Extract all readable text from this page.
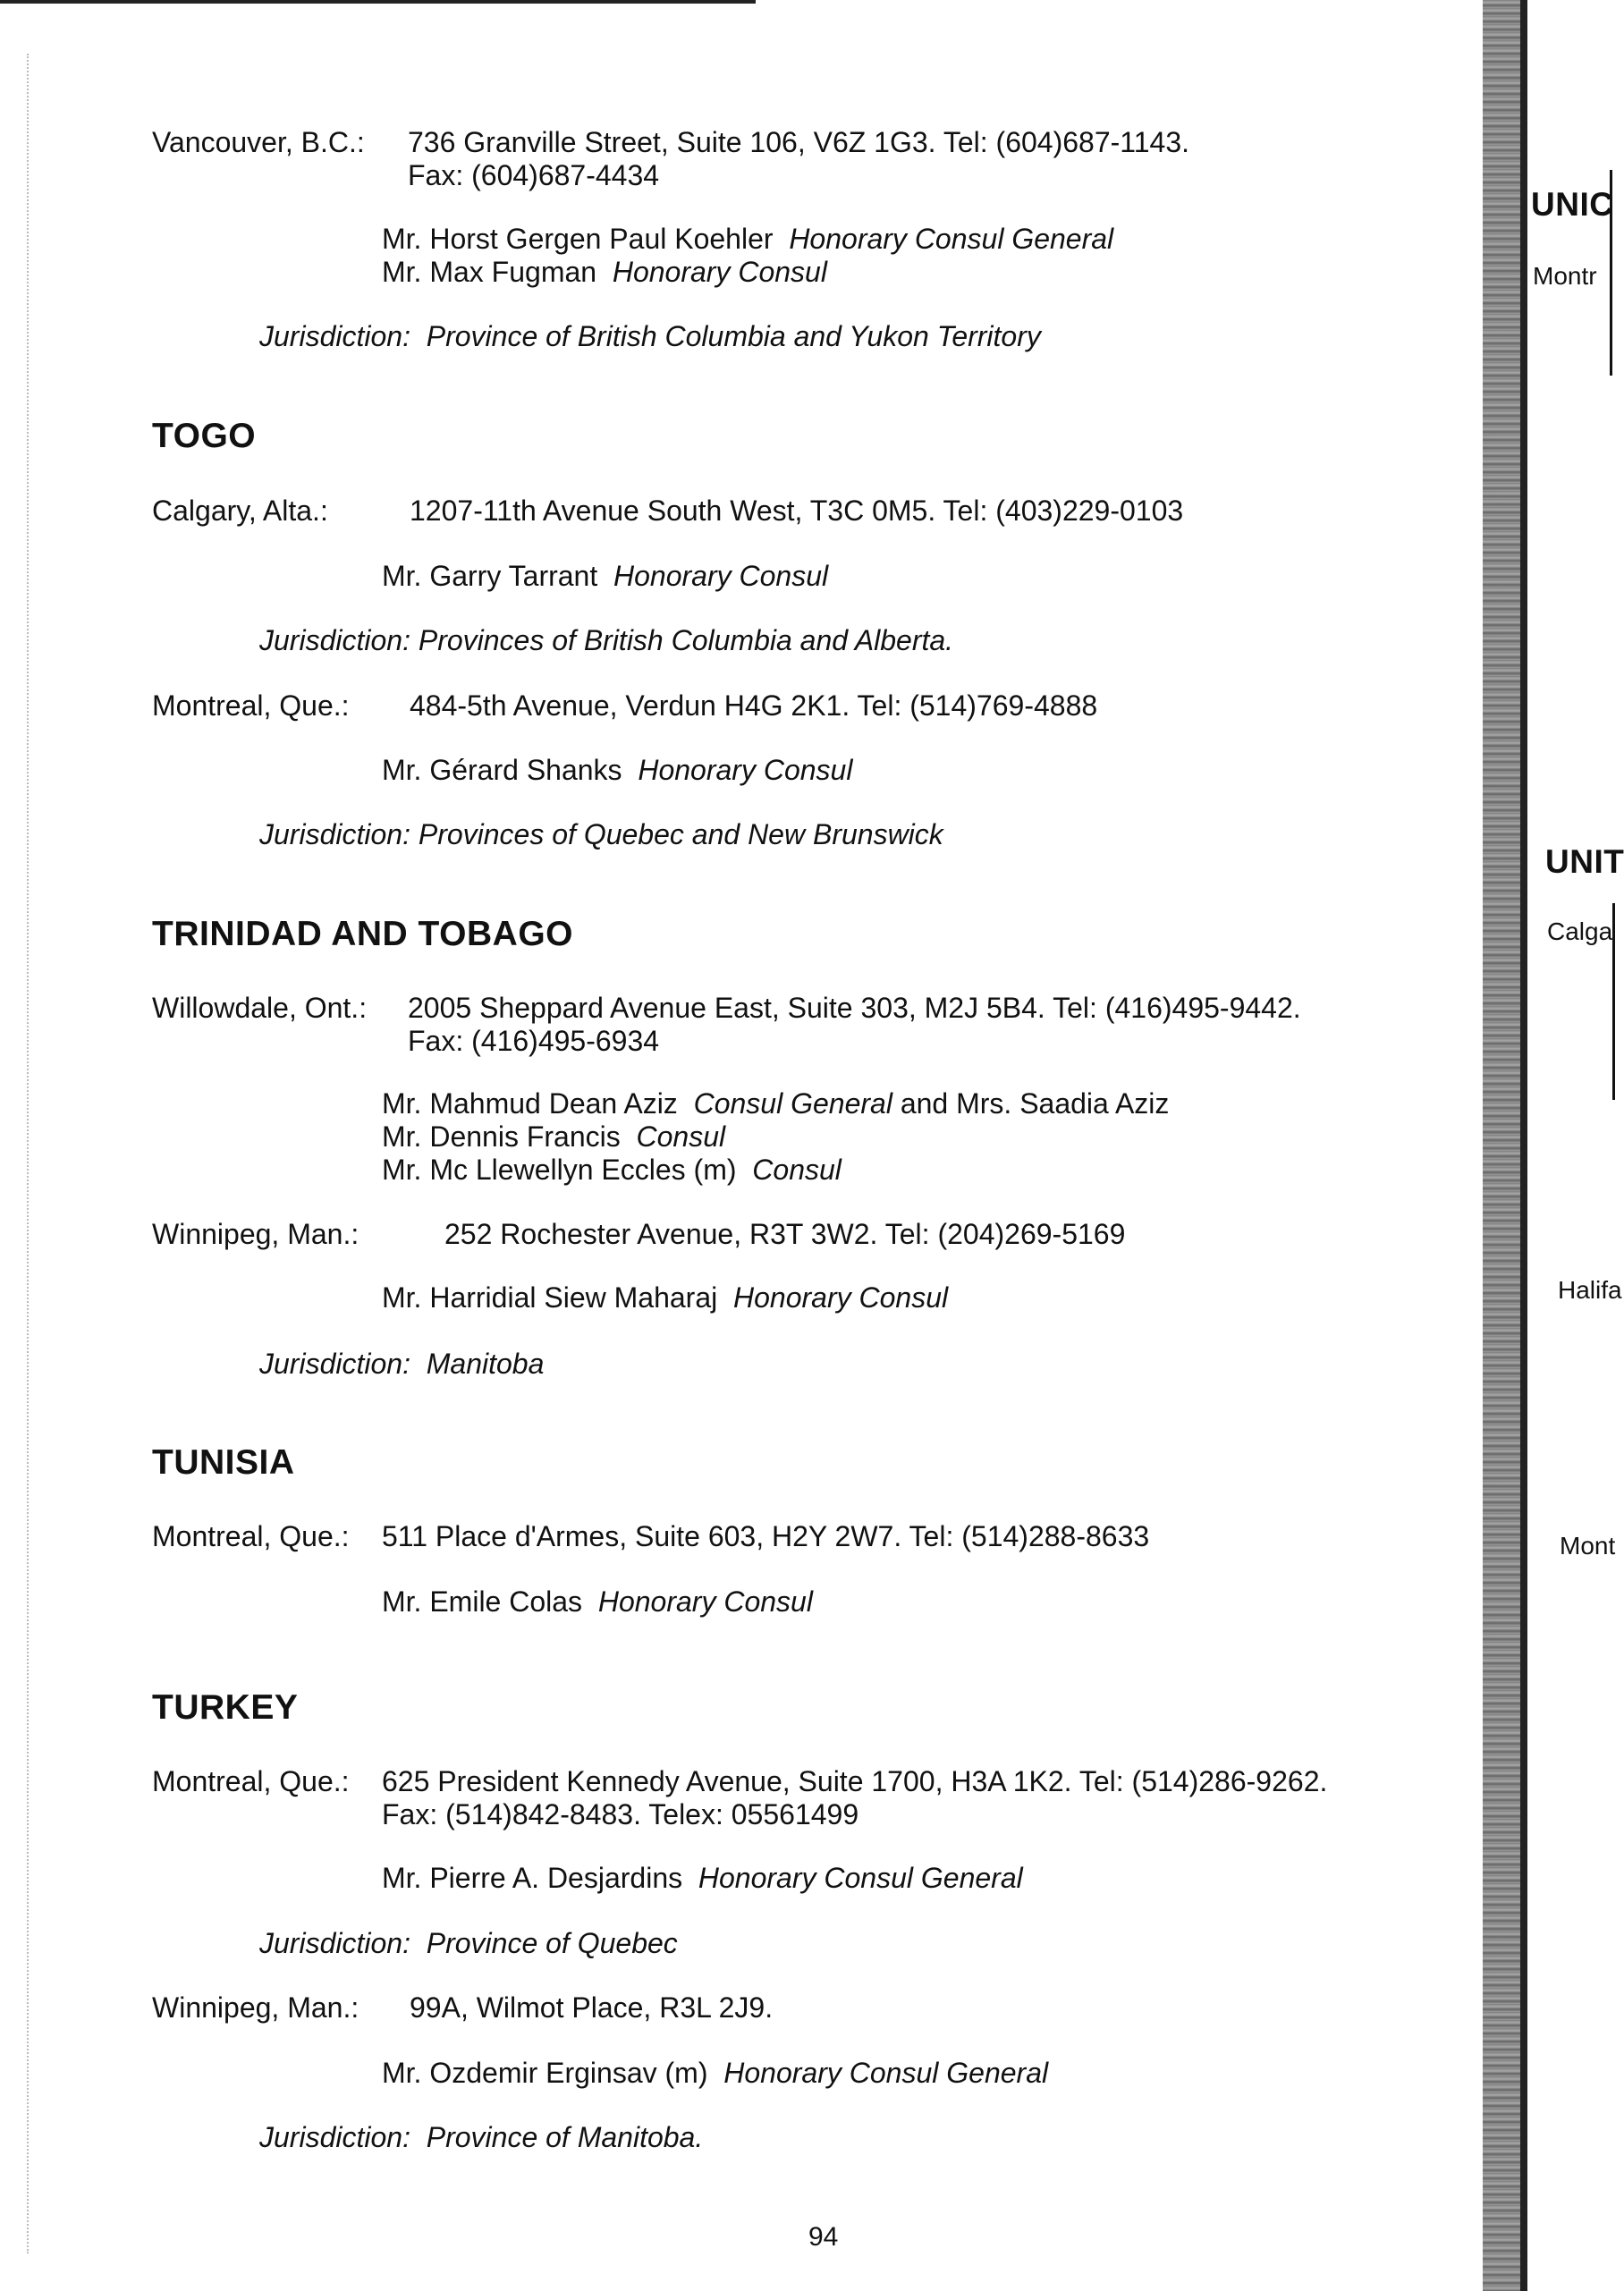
Vancouver, B.C.: 736 Granville Street, Suite 106, V6Z 1G3. Tel: (604)687-1143.
Fax: (604)687-4434
Mr. Horst Gergen Paul Koehler Honorary Consul General
Mr. Max Fugman Honorary Consul
Jurisdiction: Province of British Columbia and Yukon Territory
TOGO
Calgary, Alta.:	1207-11th Avenue South West, T3C 0M5. Tel: (403)229-0103
Mr. Garry Tarrant Honorary Consul
Jurisdiction: Provinces of British Columbia and Alberta.
Montreal, Que.: 484-5th Avenue, Verdun H4G 2K1. Tel: (514)769-4888
Mr. Gérard Shanks Honorary Consul
Jurisdiction: Provinces of Quebec and New Brunswick
TRINIDAD AND TOBAGO
Willowdale, Ont.: 2005 Sheppard Avenue East, Suite 303, M2J 5B4. Tel: (416)495-9442.
Fax: (416)495-6934
Mr. Mahmud Dean Aziz Consul General and Mrs. Saadia Aziz
Mr. Dennis Francis Consul
Mr. Mc Llewellyn Eccles (m) Consul
Winnipeg, Man.:	252 Rochester Avenue, R3T 3W2. Tel: (204)269-5169
Mr. Harridial Siew Maharaj Honorary Consul
Jurisdiction: Manitoba
TUNISIA
Montreal, Que.: 511 Place d'Armes, Suite 603, H2Y 2W7. Tel: (514)288-8633
Mr. Emile Colas Honorary Consul
TURKEY
Montreal, Que.: 625 President Kennedy Avenue, Suite 1700, H3A 1K2. Tel: (514)286-9262.
Fax: (514)842-8483. Telex: 05561499
Mr. Pierre A. Desjardins Honorary Consul General
Jurisdiction: Province of Quebec
Winnipeg, Man.: 99A, Wilmot Place, R3L 2J9.
Mr. Ozdemir Erginsav (m) Honorary Consul General
Jurisdiction: Province of Manitoba.
94
UNIC
Montr
UNIT
Calga
Halifa
Mont
